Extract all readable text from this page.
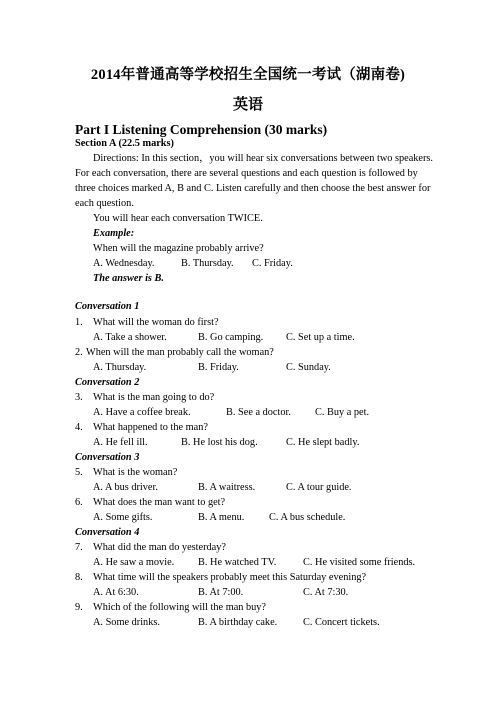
2014年普通高等学校招生全国统一考试（湖南卷)
英语
Part I Listening Comprehension (30 marks)
Section A (22.5 marks)
Directions: In this section，you will hear six conversations between two speakers.
For each conversation, there are several questions and each question is followed by
three choices marked A, B and C. Listen carefully and then choose the best answer for
each question.
You will hear each conversation TWICE.
Example:
When will the magazine probably arrive?
A. Wednesday.	B. Thursday. C. Friday.
The answer is B.
Conversation 1
1. What will the woman do first?
A. Take a shower.	B. Go camping. C. Set up a time.
2. When will the man probably call the woman?
A. Thursday.	B. Friday.	C. Sunday.
Conversation 2
3. What is the man going to do?
A. Have a coffee break.	B. See a doctor. C. Buy a pet.
4. What happened to the man?
A. He fell ill.	B. He lost his dog.	C. He slept badly.
Conversation 3
5. What is the woman?
A. A bus driver.	B. A waitress.	C. A tour guide.
6. What does the man want to get?
A. Some gifts.	B. A menu. C. A bus schedule.
Conversation 4
7. What did the man do yesterday?
A. He saw a movie. B. He watched TV.	C. He visited some friends.
8. What time will the speakers probably meet this Saturday evening?
A. At 6:30.	B. At 7:00.	C. At 7:30.
9. Which of the following will the man buy?
A. Some drinks.	B. A birthday cake.	C. Concert tickets.
